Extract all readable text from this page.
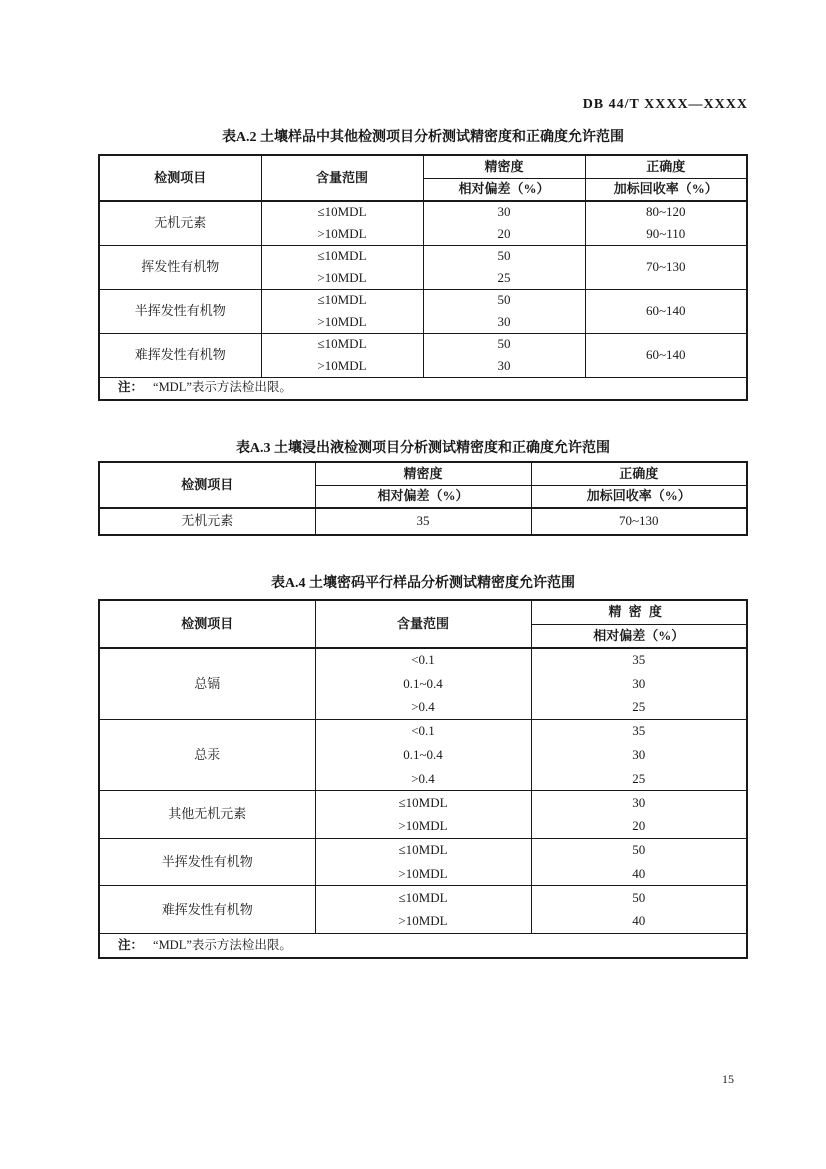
DB 44/T XXXX—XXXX
表A.2 土壤样品中其他检测项目分析测试精密度和正确度允许范围
检测项目	含量范围	精密度	正确度
		相对偏差（%）	加标回收率（%）
无机元素	≤10MDL	30	80~120
	>10MDL	20	90~110
挥发性有机物	≤10MDL	50	70~130
	>10MDL	25	
半挥发性有机物	≤10MDL	50	60~140
	>10MDL	30	
难挥发性有机物	≤10MDL	50	60~140
	>10MDL	30	
注： “MDL”表示方法检出限。			
表A.3 土壤浸出液检测项目分析测试精密度和正确度允许范围
检测项目	精密度	正确度
	相对偏差（%）	加标回收率（%）
无机元素	35	70~130
表A.4 土壤密码平行样品分析测试精密度允许范围
检测项目	含量范围	精密度
		相对偏差（%）
总镉	<0.1	35
	0.1~0.4	30
	>0.4	25
总汞	<0.1	35
	0.1~0.4	30
	>0.4	25
其他无机元素	≤10MDL	30
	>10MDL	20
半挥发性有机物	≤10MDL	50
	>10MDL	40
难挥发性有机物	≤10MDL	50
	>10MDL	40
注： “MDL”表示方法检出限。		
15
